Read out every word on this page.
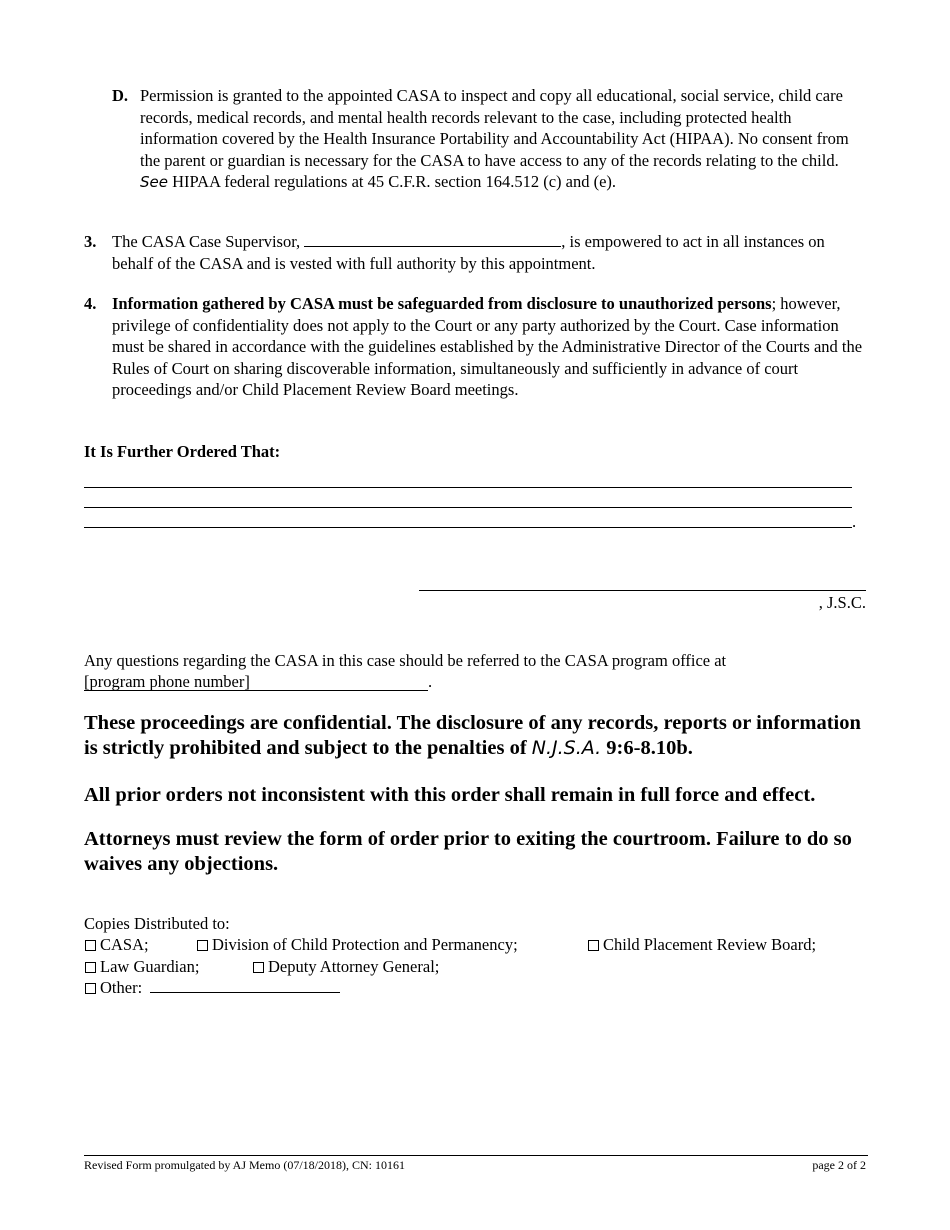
D. Permission is granted to the appointed CASA to inspect and copy all educational, social service, child care records, medical records, and mental health records relevant to the case, including protected health information covered by the Health Insurance Portability and Accountability Act (HIPAA). No consent from the parent or guardian is necessary for the CASA to have access to any of the records relating to the child. See HIPAA federal regulations at 45 C.F.R. section 164.512 (c) and (e).
3. The CASA Case Supervisor,	, is empowered to act in all instances on behalf of the CASA and is vested with full authority by this appointment.
4. Information gathered by CASA must be safeguarded from disclosure to unauthorized persons; however, privilege of confidentiality does not apply to the Court or any party authorized by the Court. Case information must be shared in accordance with the guidelines established by the Administrative Director of the Courts and the Rules of Court on sharing discoverable information, simultaneously and sufficiently in advance of court proceedings and/or Child Placement Review Board meetings.
It Is Further Ordered That:
.
, J.S.C.
Any questions regarding the CASA in this case should be referred to the CASA program office at
[program phone number]	.
These proceedings are confidential. The disclosure of any records, reports or information is strictly prohibited and subject to the penalties of N.J.S.A. 9:6-8.10b.
All prior orders not inconsistent with this order shall remain in full force and effect.
Attorneys must review the form of order prior to exiting the courtroom. Failure to do so waives any objections.
Copies Distributed to:
CASA;	Division of Child Protection and Permanency;	Child Placement Review Board;
Law Guardian;	Deputy Attorney General;
Other:
Revised Form promulgated by AJ Memo (07/18/2018), CN: 10161	page 2 of 2
